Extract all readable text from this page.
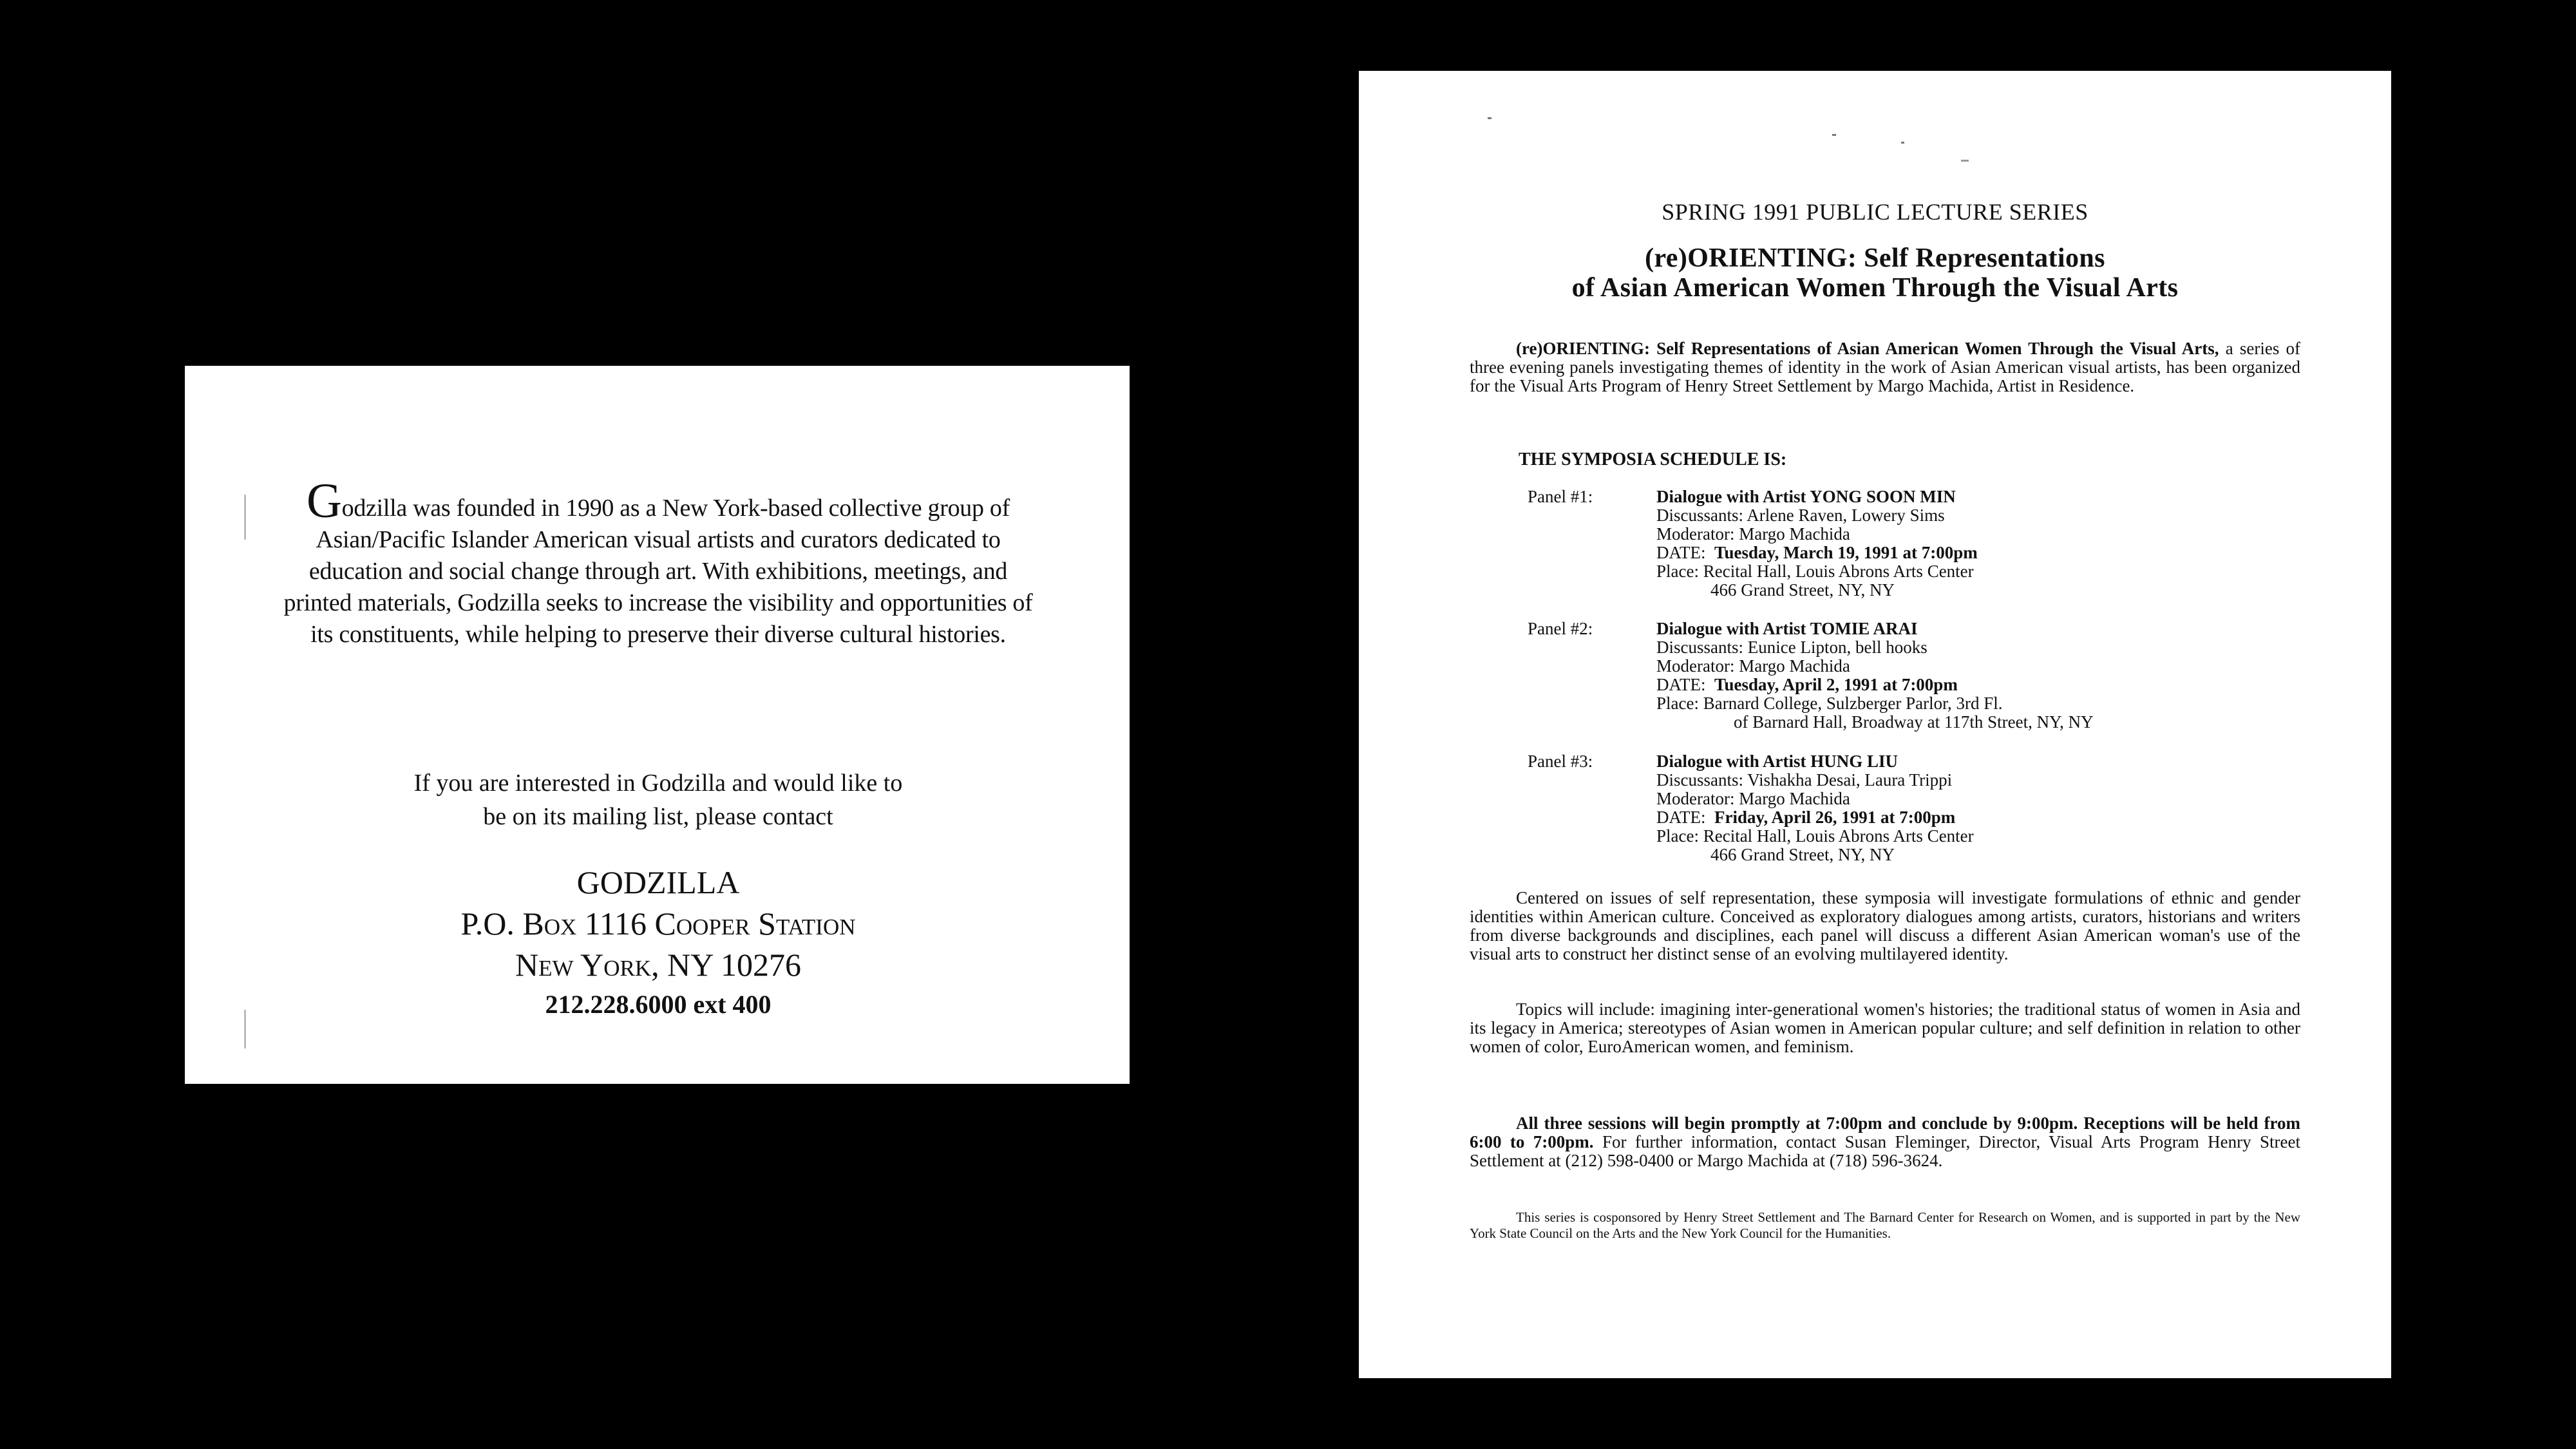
Godzilla was founded in 1990 as a New York-based collective group of Asian/Pacific Islander American visual artists and curators dedicated to education and social change through art. With exhibitions, meetings, and printed materials, Godzilla seeks to increase the visibility and opportunities of its constituents, while helping to preserve their diverse cultural histories.
If you are interested in Godzilla and would like to
be on its mailing list, please contact
GODZILLA
P.O. Box 1116 Cooper Station
New York, NY 10276
212.228.6000 ext 400
SPRING 1991 PUBLIC LECTURE SERIES
(re)ORIENTING: Self Representations
of Asian American Women Through the Visual Arts
(re)ORIENTING: Self Representations of Asian American Women Through the Visual Arts, a series of three evening panels investigating themes of identity in the work of Asian American visual artists, has been organized for the Visual Arts Program of Henry Street Settlement by Margo Machida, Artist in Residence.
THE SYMPOSIA SCHEDULE IS:
Panel #1:	Dialogue with Artist YONG SOON MIN
Discussants: Arlene Raven, Lowery Sims
Moderator: Margo Machida
DATE: Tuesday, March 19, 1991 at 7:00pm
Place: Recital Hall, Louis Abrons Arts Center
466 Grand Street, NY, NY
Panel #2:	Dialogue with Artist TOMIE ARAI
Discussants: Eunice Lipton, bell hooks
Moderator: Margo Machida
DATE: Tuesday, April 2, 1991 at 7:00pm
Place: Barnard College, Sulzberger Parlor, 3rd Fl.
of Barnard Hall, Broadway at 117th Street, NY, NY
Panel #3:	Dialogue with Artist HUNG LIU
Discussants: Vishakha Desai, Laura Trippi
Moderator: Margo Machida
DATE: Friday, April 26, 1991 at 7:00pm
Place: Recital Hall, Louis Abrons Arts Center
466 Grand Street, NY, NY
Centered on issues of self representation, these symposia will investigate formulations of ethnic and gender identities within American culture. Conceived as exploratory dialogues among artists, curators, historians and writers from diverse backgrounds and disciplines, each panel will discuss a different Asian American woman's use of the visual arts to construct her distinct sense of an evolving multilayered identity.
Topics will include: imagining inter-generational women's histories; the traditional status of women in Asia and its legacy in America; stereotypes of Asian women in American popular culture; and self definition in relation to other women of color, EuroAmerican women, and feminism.
All three sessions will begin promptly at 7:00pm and conclude by 9:00pm. Receptions will be held from 6:00 to 7:00pm. For further information, contact Susan Fleminger, Director, Visual Arts Program Henry Street Settlement at (212) 598-0400 or Margo Machida at (718) 596-3624.
This series is cosponsored by Henry Street Settlement and The Barnard Center for Research on Women, and is supported in part by the New York State Council on the Arts and the New York Council for the Humanities.
